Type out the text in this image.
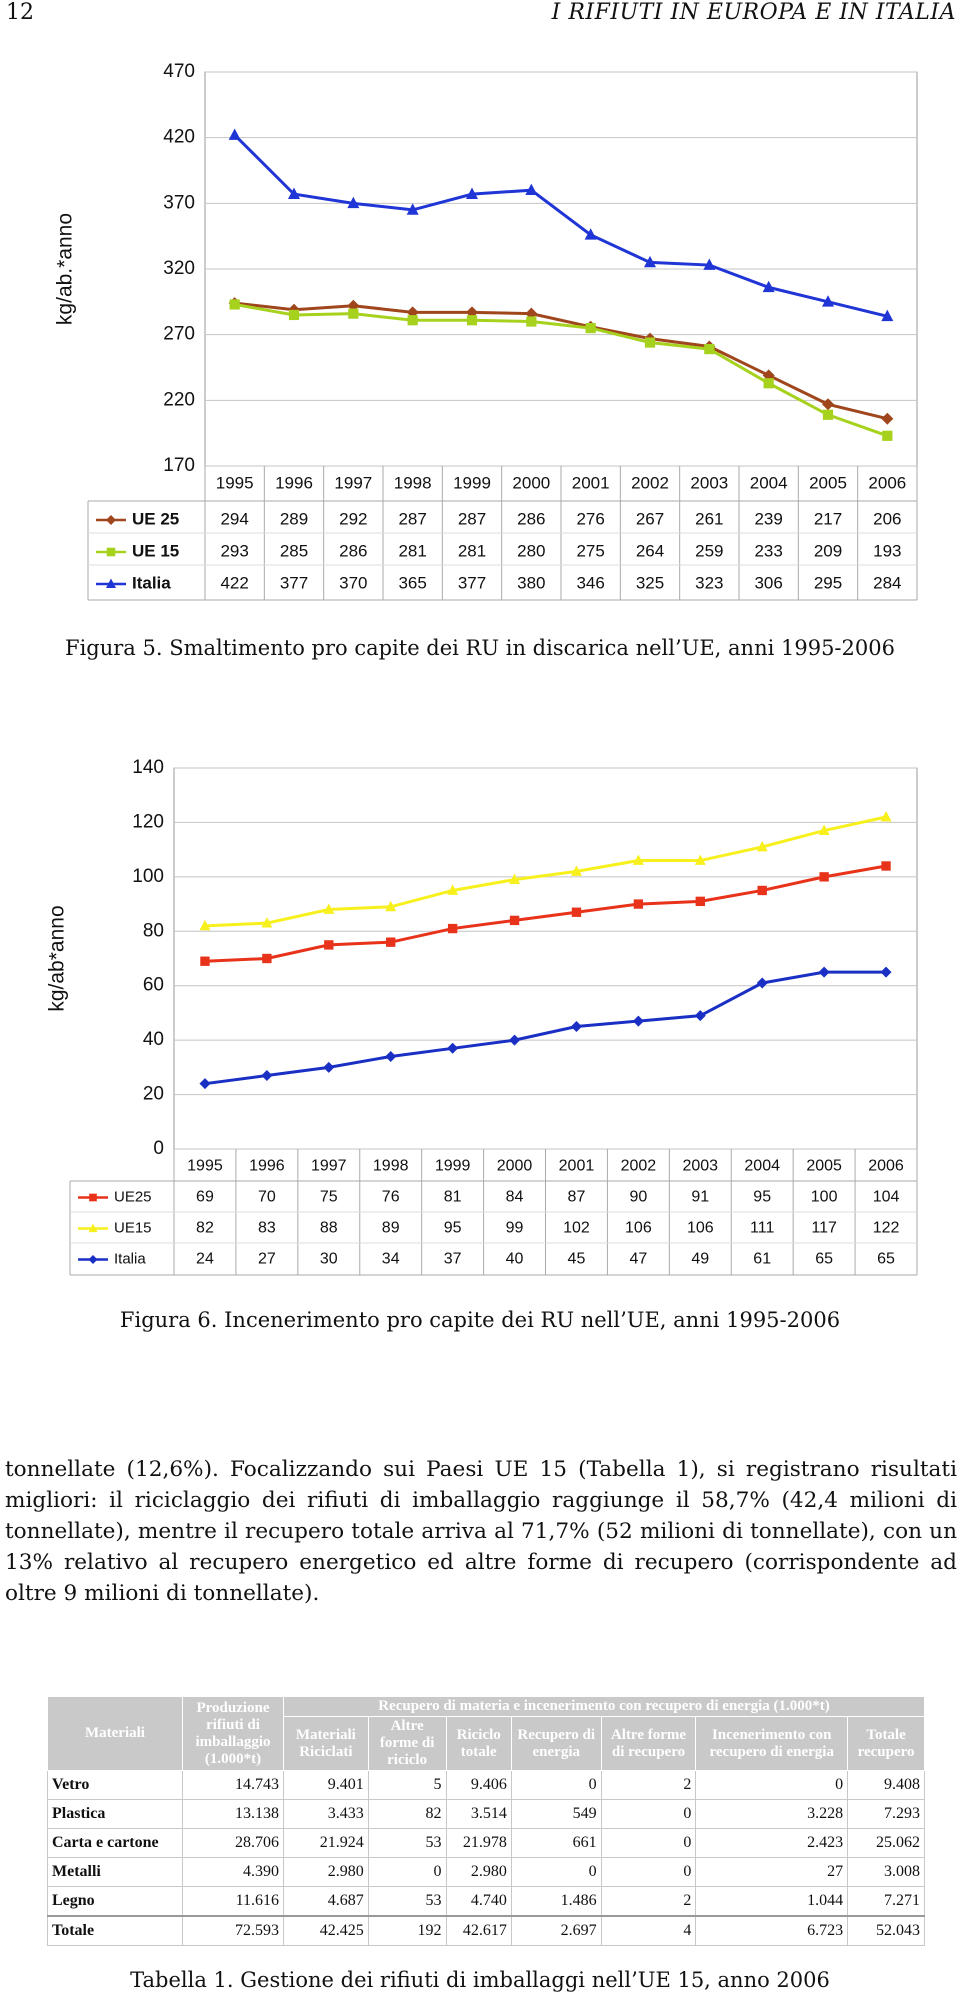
12	I RIFIUTI IN EUROPA E IN ITALIA
470
420
370
320
270
220
170
kg/ab.*anno
1995 1996 1997 1998 1999 2000 2001 2002 2003 2004 2005 2006
UE 25 294 289 292 287 287 286 276 267 261 239 217 206
UE 15 293 285 286 281 281 280 275 264 259 233 209 193
Italia	422 377 370 365 377 380 346 325 323 306 295 284
Figura 5. Smaltimento pro capite dei RU in discarica nell’UE, anni 1995-2006
140
120
100
80
60
40
20
0
kg/ab*anno
1995 1996 1997 1998 1999 2000 2001 2002 2003 2004 2005 2006
UE25	69	70	75	76	81	84	87	90	91	95 100 104
UE15	82	83	88	89	95	99 102 106 106 111 117 122
Italia	24	27	30	34	37	40	45	47	49	61	65	65
Figura 6. Incenerimento pro capite dei RU nell’UE, anni 1995-2006
tonnellate (12,6%). Focalizzando sui Paesi UE 15 (Tabella 1), si registrano risultati migliori: il riciclaggio dei rifiuti di imballaggio raggiunge il 58,7% (42,4 milioni di tonnellate), mentre il recupero totale arriva al 71,7% (52 milioni di tonnellate), con un 13% relativo al recupero energetico ed altre forme di recupero (corrispondente ad oltre 9 milioni di tonnellate).
Materiali	Produzione rifiuti di imballaggio (1.000*t)	Recupero di materia e incenerimento con recupero di energia (1.000*t)						
		Materiali Riciclati	Altre forme di riciclo	Riciclo totale	Recupero di energia	Altre forme di recupero	Incenerimento con recupero di energia	Totale recupero
Vetro	14.743	9.401	5	9.406	0	2	0	9.408
Plastica	13.138	3.433	82	3.514	549	0	3.228	7.293
Carta e cartone	28.706	21.924	53	21.978	661	0	2.423	25.062
Metalli	4.390	2.980	0	2.980	0	0	27	3.008
Legno	11.616	4.687	53	4.740	1.486	2	1.044	7.271
Totale	72.593	42.425	192	42.617	2.697	4	6.723	52.043
Tabella 1. Gestione dei rifiuti di imballaggi nell’UE 15, anno 2006
